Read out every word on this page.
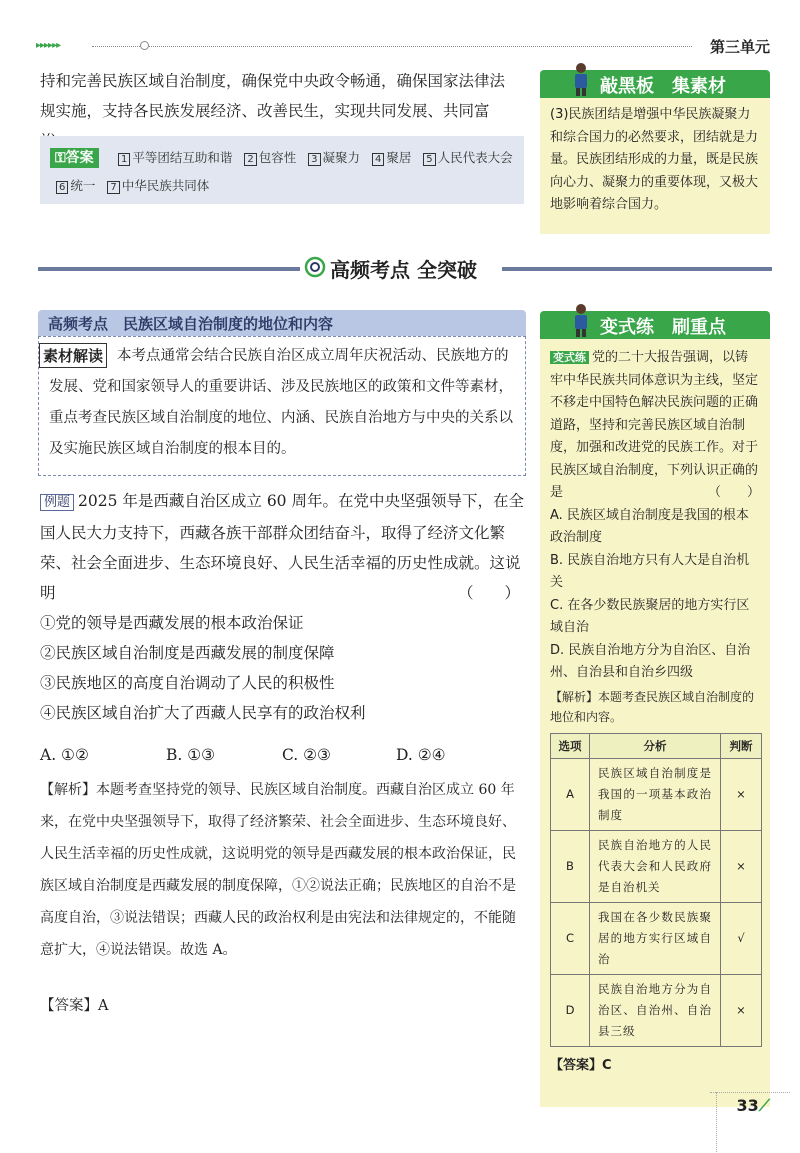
▸▸▸▸▸▸	第三单元
持和完善民族区域自治制度，确保党中央政令畅通，确保国家法律法规实施，支持各民族发展经济、改善民生，实现共同发展、共同富
⚿答案	1 平等团结互助和谐 2 包容性 3 凝聚力 4 聚居 5 人民代表大会
6 统一 7 中华民族共同体
敲黑板　集素材
(3)民族团结是增强中华民族凝聚力和综合国力的必然要求，团结就是力量。民族团结形成的力量，既是民族向心力、凝聚力的重要体现，又极大地影响着综合国力。
高频考点 全突破
高频考点　民族区域自治制度的地位和内容
本考点通常会结合民族自治区成立周年庆祝活动、民族地方的发展、党和国家领导人的重要讲话、涉及民族地区的政策和文件等素材，重点考查民族区域自治制度的地位、内涵、民族自治地方与中央的关系以及实施民族区域自治制度的根本目的。
素材解读
例题 2025 年是西藏自治区成立 60 周年。在党中央坚强领导下，在全国人民大力支持下，西藏各族干部群众团结奋斗，取得了经济文化繁荣、社会全面进步、生态环境良好、人民生活幸福的历史性成就。这说明	（　　）
①党的领导是西藏发展的根本政治保证
②民族区域自治制度是西藏发展的制度保障
③民族地区的高度自治调动了人民的积极性
④民族区域自治扩大了西藏人民享有的政治权利
A. ①②	B. ①③	C. ②③	D. ②④
【解析】本题考查坚持党的领导、民族区域自治制度。西藏自治区成立 60 年来，在党中央坚强领导下，取得了经济繁荣、社会全面进步、生态环境良好、人民生活幸福的历史性成就，这说明党的领导是西藏发展的根本政治保证，民族区域自治制度是西藏发展的制度保障，①②说法正确；民族地区的自治不是高度自治，③说法错误；西藏人民的政治权利是由宪法和法律规定的，不能随意扩大，④说法错误。故选 A。
【答案】A
变式练　刷重点
变式练 党的二十大报告强调，以铸牢中华民族共同体意识为主线，坚定不移走中国特色解决民族问题的正确道路，坚持和完善民族区域自治制度，加强和改进党的民族工作。对于民族区域自治制度，下列认识正确的是	（　　）
A. 民族区域自治制度是我国的根本政治制度
B. 民族自治地方只有人大是自治机关
C. 在各少数民族聚居的地方实行区域自治
D. 民族自治地方分为自治区、自治州、自治县和自治乡四级
【解析】本题考查民族区域自治制度的地位和内容。
选项	分析	判断
A	民族区域自治制度是我国的一项基本政治制度	×
B	民族自治地方的人民代表大会和人民政府是自治机关	×
C	我国在各少数民族聚居的地方实行区域自治	√
D	民族自治地方分为自治区、自治州、自治县三级	×
【答案】C
33⟋
